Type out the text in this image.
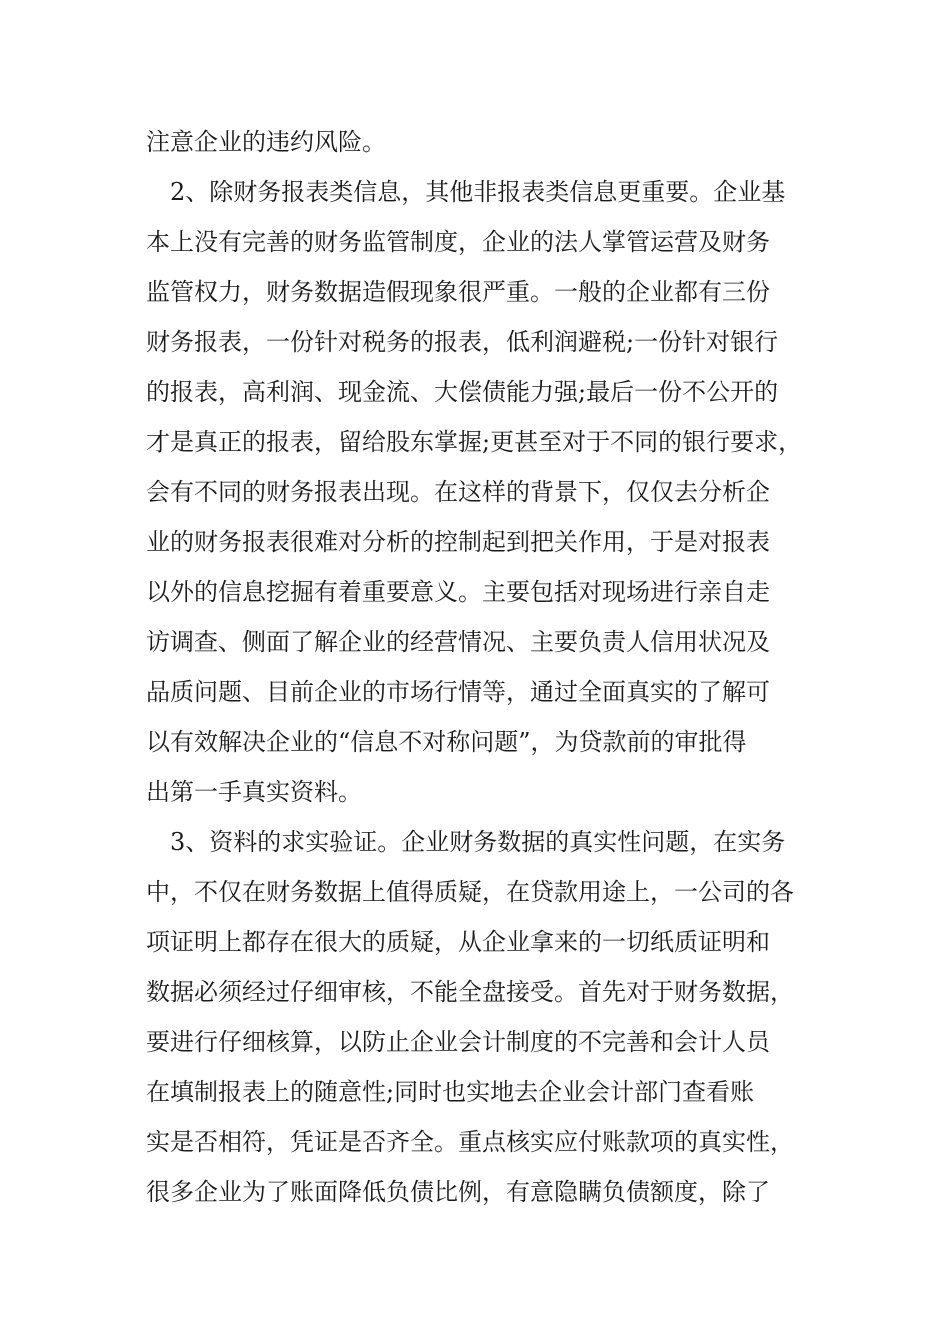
注意企业的违约风险。
2、除财务报表类信息，其他非报表类信息更重要。企业基
本上没有完善的财务监管制度，企业的法人掌管运营及财务
监管权力，财务数据造假现象很严重。一般的企业都有三份
财务报表，一份针对税务的报表，低利润避税;一份针对银行
的报表，高利润、现金流、大偿债能力强;最后一份不公开的
才是真正的报表，留给股东掌握;更甚至对于不同的银行要求，
会有不同的财务报表出现。在这样的背景下，仅仅去分析企
业的财务报表很难对分析的控制起到把关作用，于是对报表
以外的信息挖掘有着重要意义。主要包括对现场进行亲自走
访调查、侧面了解企业的经营情况、主要负责人信用状况及
品质问题、目前企业的市场行情等，通过全面真实的了解可
以有效解决企业的“信息不对称问题”，为贷款前的审批得
出第一手真实资料。
3、资料的求实验证。企业财务数据的真实性问题，在实务
中，不仅在财务数据上值得质疑，在贷款用途上，一公司的各
项证明上都存在很大的质疑，从企业拿来的一切纸质证明和
数据必须经过仔细审核，不能全盘接受。首先对于财务数据，
要进行仔细核算，以防止企业会计制度的不完善和会计人员
在填制报表上的随意性;同时也实地去企业会计部门查看账
实是否相符，凭证是否齐全。重点核实应付账款项的真实性，
很多企业为了账面降低负债比例，有意隐瞒负债额度，除了
